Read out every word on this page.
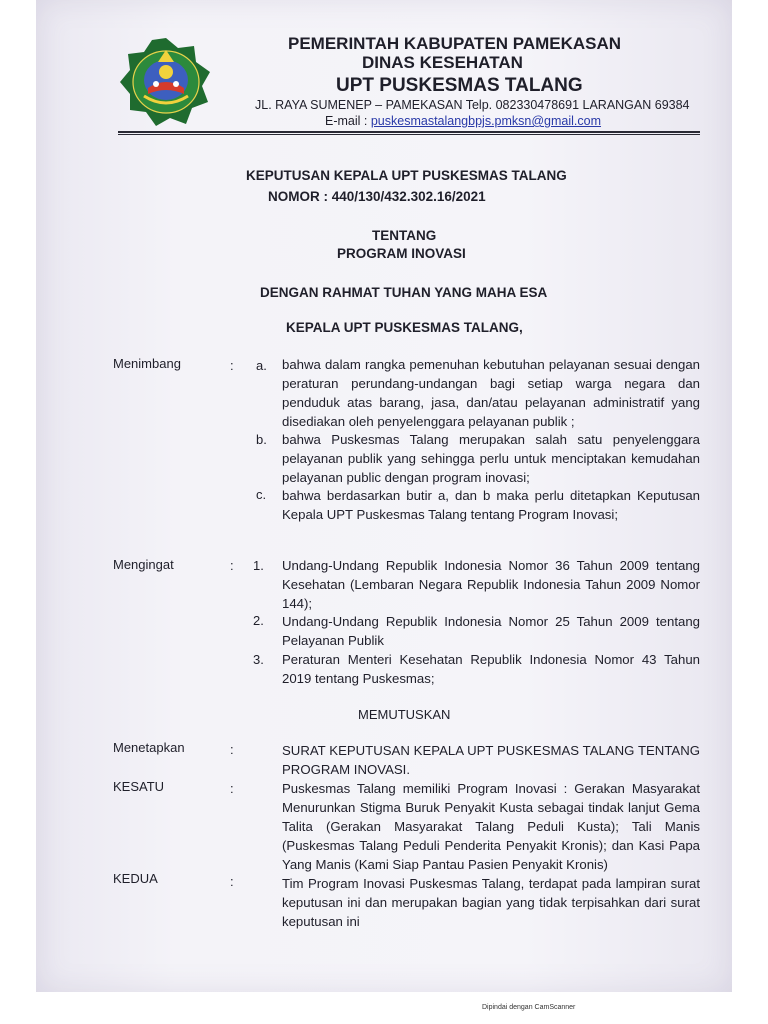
PEMERINTAH KABUPATEN PAMEKASAN
DINAS KESEHATAN
UPT PUSKESMAS TALANG
JL. RAYA SUMENEP – PAMEKASAN Telp. 082330478691 LARANGAN 69384
E-mail : puskesmastalangbpjs.pmksn@gmail.com
KEPUTUSAN KEPALA UPT PUSKESMAS TALANG
NOMOR : 440/130/432.302.16/2021
TENTANG
PROGRAM INOVASI
DENGAN RAHMAT TUHAN YANG MAHA ESA
KEPALA UPT PUSKESMAS TALANG,
Menimbang	: a. bahwa dalam rangka pemenuhan kebutuhan pelayanan sesuai dengan peraturan perundang-undangan bagi setiap warga negara dan penduduk atas barang, jasa, dan/atau pelayanan administratif yang disediakan oleh penyelenggara pelayanan publik ;
b. bahwa Puskesmas Talang merupakan salah satu penyelenggara pelayanan publik yang sehingga perlu untuk menciptakan kemudahan pelayanan public dengan program inovasi;
c. bahwa berdasarkan butir a, dan b maka perlu ditetapkan Keputusan Kepala UPT Puskesmas Talang tentang Program Inovasi;
Mengingat	: 1. Undang-Undang Republik Indonesia Nomor 36 Tahun 2009 tentang Kesehatan (Lembaran Negara Republik Indonesia Tahun 2009 Nomor 144);
2. Undang-Undang Republik Indonesia Nomor 25 Tahun 2009 tentang Pelayanan Publik
3. Peraturan Menteri Kesehatan Republik Indonesia Nomor 43 Tahun 2019 tentang Puskesmas;
MEMUTUSKAN
Menetapkan	:	SURAT KEPUTUSAN KEPALA UPT PUSKESMAS TALANG TENTANG PROGRAM INOVASI.
KESATU	:	Puskesmas Talang memiliki Program Inovasi : Gerakan Masyarakat Menurunkan Stigma Buruk Penyakit Kusta sebagai tindak lanjut Gema Talita (Gerakan Masyarakat Talang Peduli Kusta); Tali Manis (Puskesmas Talang Peduli Penderita Penyakit Kronis); dan Kasi Papa Yang Manis (Kami Siap Pantau Pasien Penyakit Kronis)
KEDUA	:	Tim Program Inovasi Puskesmas Talang, terdapat pada lampiran surat keputusan ini dan merupakan bagian yang tidak terpisahkan dari surat keputusan ini
Dipindai dengan CamScanner
